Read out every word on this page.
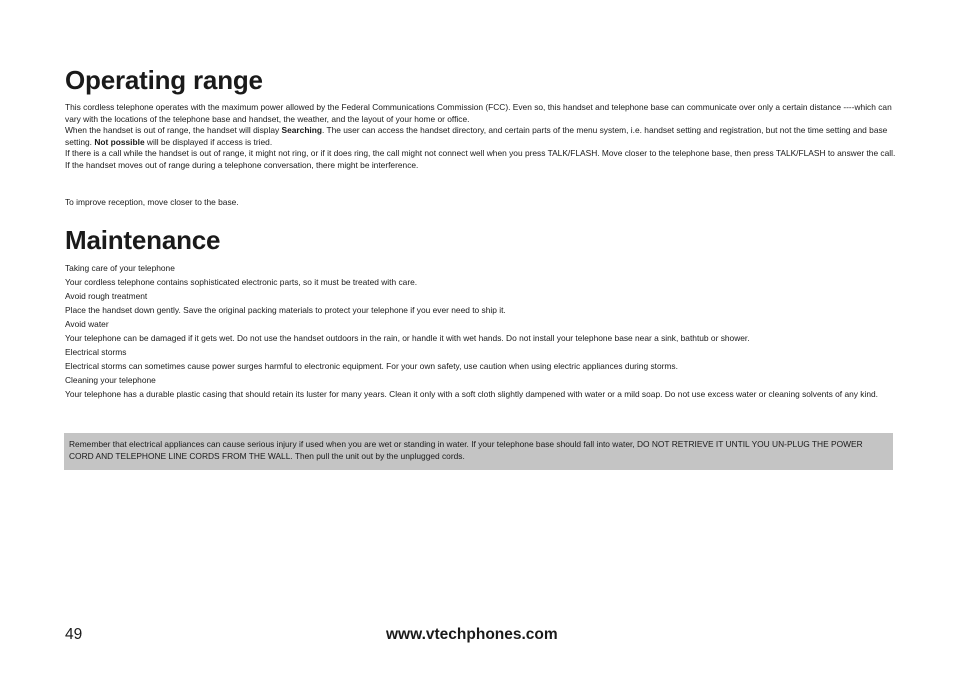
Operating range

This cordless telephone operates with the maximum power allowed by the Federal Communications Commission (FCC). Even so, this handset and telephone base can communicate over only a certain distance ----which can vary with the locations of the telephone base and handset, the weather, and the layout of your home or office.

When the handset is out of range, the handset will display Searching. The user can access the handset directory, and certain parts of the menu system, i.e. handset setting and registration, but not the time setting and base setting. Not possible will be displayed if access is tried.

If there is a call while the handset is out of range, it might not ring, or if it does ring, the call might not connect well when you press TALK/FLASH. Move closer to the telephone base, then press TALK/FLASH to answer the call.

If the handset moves out of range during a telephone conversation, there might be interference.

To improve reception, move closer to the base.

Maintenance

Taking care of your telephone

Your cordless telephone contains sophisticated electronic parts, so it must be treated with care.

Avoid rough treatment

Place the handset down gently. Save the original packing materials to protect your telephone if you ever need to ship it.

Avoid water

Your telephone can be damaged if it gets wet. Do not use the handset outdoors in the rain, or handle it with wet hands. Do not install your telephone base near a sink, bathtub or shower.

Electrical storms

Electrical storms can sometimes cause power surges harmful to electronic equipment. For your own safety, use caution when using electric appliances during storms.

Cleaning your telephone

Your telephone has a durable plastic casing that should retain its luster for many years. Clean it only with a soft cloth slightly dampened with water or a mild soap. Do not use excess water or cleaning solvents of any kind.

Remember that electrical appliances can cause serious injury if used when you are wet or standing in water. If your telephone base should fall into water, DO NOT RETRIEVE IT UNTIL YOU UN-PLUG THE POWER CORD AND TELEPHONE LINE CORDS FROM THE WALL. Then pull the unit out by the unplugged cords.

49	www.vtechphones.com
